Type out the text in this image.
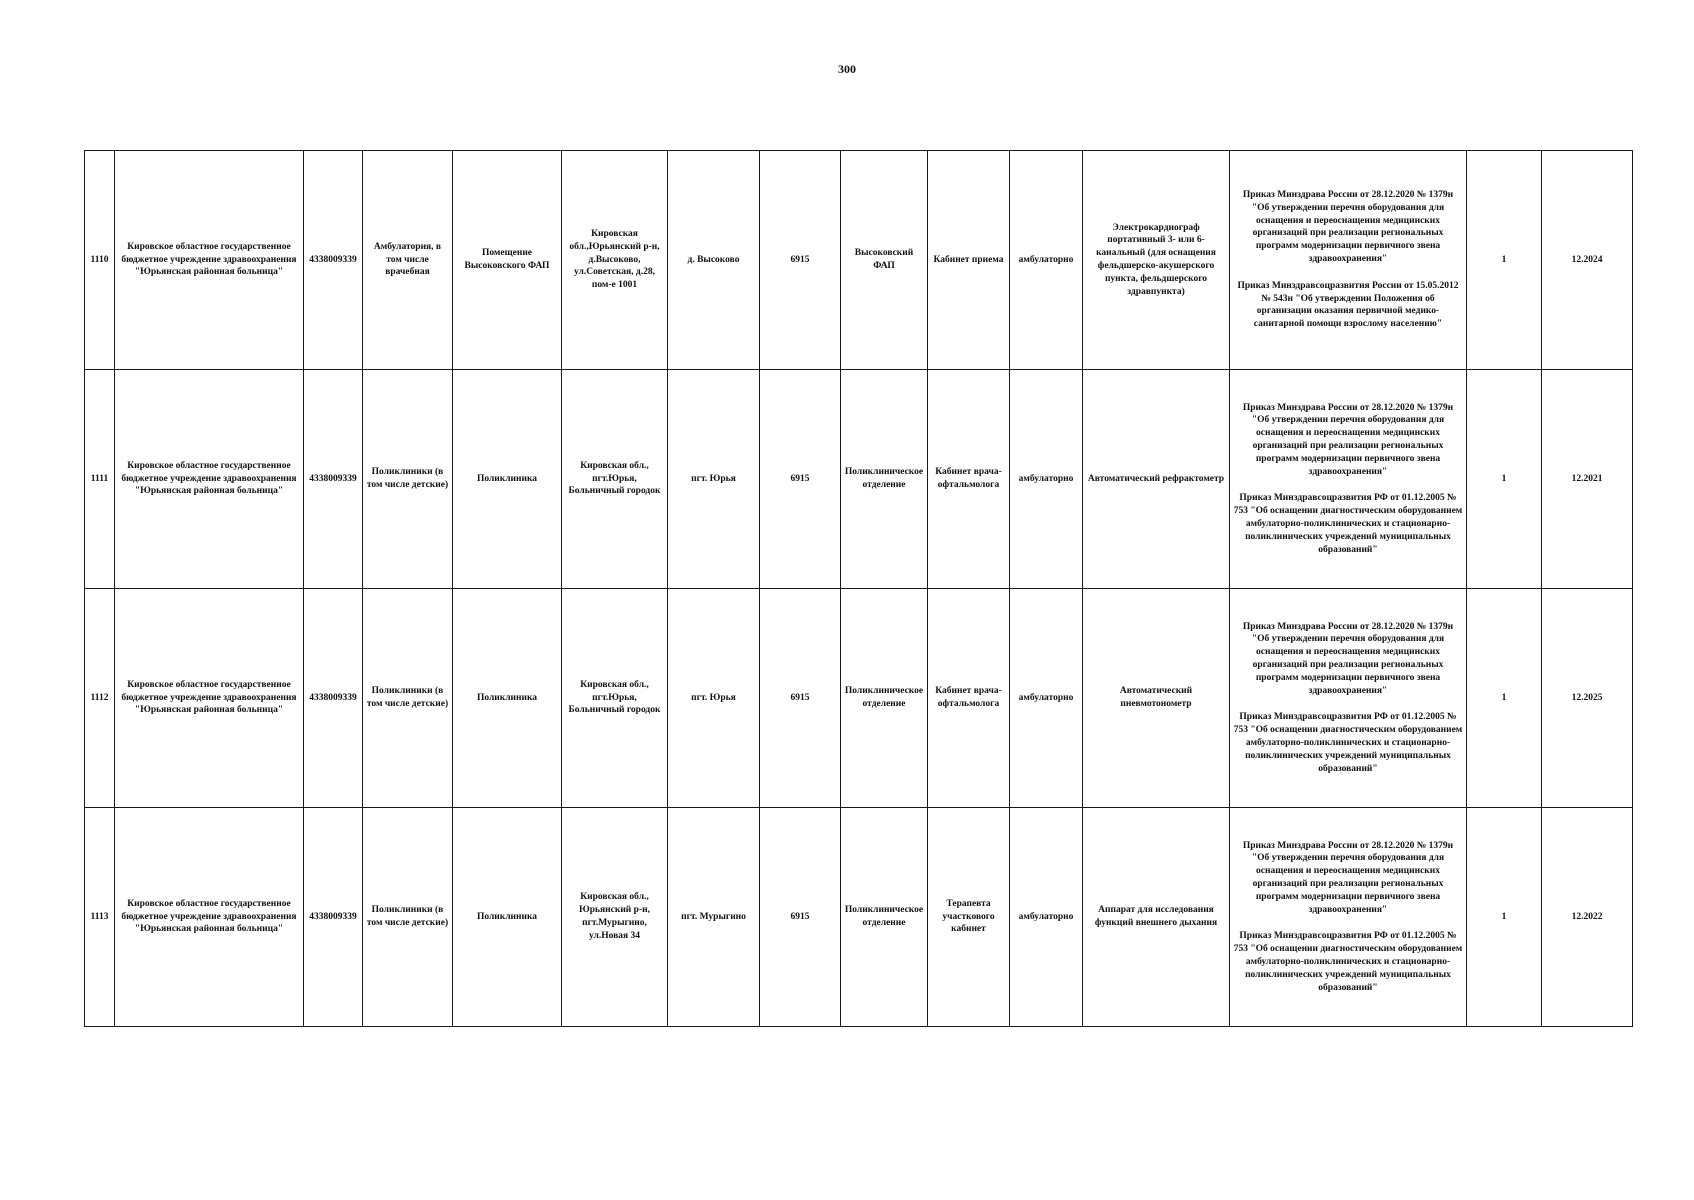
300
1110	Кировское областное государственное бюджетное учреждение здравоохранения "Юрьянская районная больница"	4338009339	Амбулатория, в том числе врачебная	Помещение Высоковского ФАП	Кировская обл.,Юрьянский р-н, д.Высоково, ул.Советская, д.28, пом-е 1001	д. Высоково	6915	Высоковский ФАП	Кабинет приема	амбулаторно	Электрокардиограф портативный 3- или 6-канальный (для оснащения фельдшерско-акушерского пункта, фельдшерского здравпункта)	Приказ Минздрава России от 28.12.2020 № 1379н "Об утверждении перечня оборудования для оснащения и переоснащения медицинских организаций при реализации региональных программ модернизации первичного звена здравоохранения"
Приказ Минздравсоцразвития России от 15.05.2012 № 543н "Об утверждении Положения об организации оказания первичной медико-санитарной помощи взрослому населению"	1	12.2024
1111	Кировское областное государственное бюджетное учреждение здравоохранения "Юрьянская районная больница"	4338009339	Поликлиники (в том числе детские)	Поликлиника	Кировская обл., пгт.Юрья, Больничный городок	пгт. Юрья	6915	Поликлиническое отделение	Кабинет врача-офтальмолога	амбулаторно	Автоматический рефрактометр	Приказ Минздрава России от 28.12.2020 № 1379н "Об утверждении перечня оборудования для оснащения и переоснащения медицинских организаций при реализации региональных программ модернизации первичного звена здравоохранения"
Приказ Минздравсоцразвития РФ от 01.12.2005 № 753 "Об оснащении диагностическим оборудованием амбулаторно-поликлинических и стационарно-поликлинических учреждений муниципальных образований"	1	12.2021
1112	Кировское областное государственное бюджетное учреждение здравоохранения "Юрьянская районная больница"	4338009339	Поликлиники (в том числе детские)	Поликлиника	Кировская обл., пгт.Юрья, Больничный городок	пгт. Юрья	6915	Поликлиническое отделение	Кабинет врача-офтальмолога	амбулаторно	Автоматический пневмотонометр	Приказ Минздрава России от 28.12.2020 № 1379н "Об утверждении перечня оборудования для оснащения и переоснащения медицинских организаций при реализации региональных программ модернизации первичного звена здравоохранения"
Приказ Минздравсоцразвития РФ от 01.12.2005 № 753 "Об оснащении диагностическим оборудованием амбулаторно-поликлинических и стационарно-поликлинических учреждений муниципальных образований"	1	12.2025
1113	Кировское областное государственное бюджетное учреждение здравоохранения "Юрьянская районная больница"	4338009339	Поликлиники (в том числе детские)	Поликлиника	Кировская обл., Юрьянский р-н, пгт.Мурыгино, ул.Новая 34	пгт. Мурыгино	6915	Поликлиническое отделение	Терапевта участкового кабинет	амбулаторно	Аппарат для исследования функций внешнего дыхания	Приказ Минздрава России от 28.12.2020 № 1379н "Об утверждении перечня оборудования для оснащения и переоснащения медицинских организаций при реализации региональных программ модернизации первичного звена здравоохранения"
Приказ Минздравсоцразвития РФ от 01.12.2005 № 753 "Об оснащении диагностическим оборудованием амбулаторно-поликлинических и стационарно-поликлинических учреждений муниципальных образований"	1	12.2022
